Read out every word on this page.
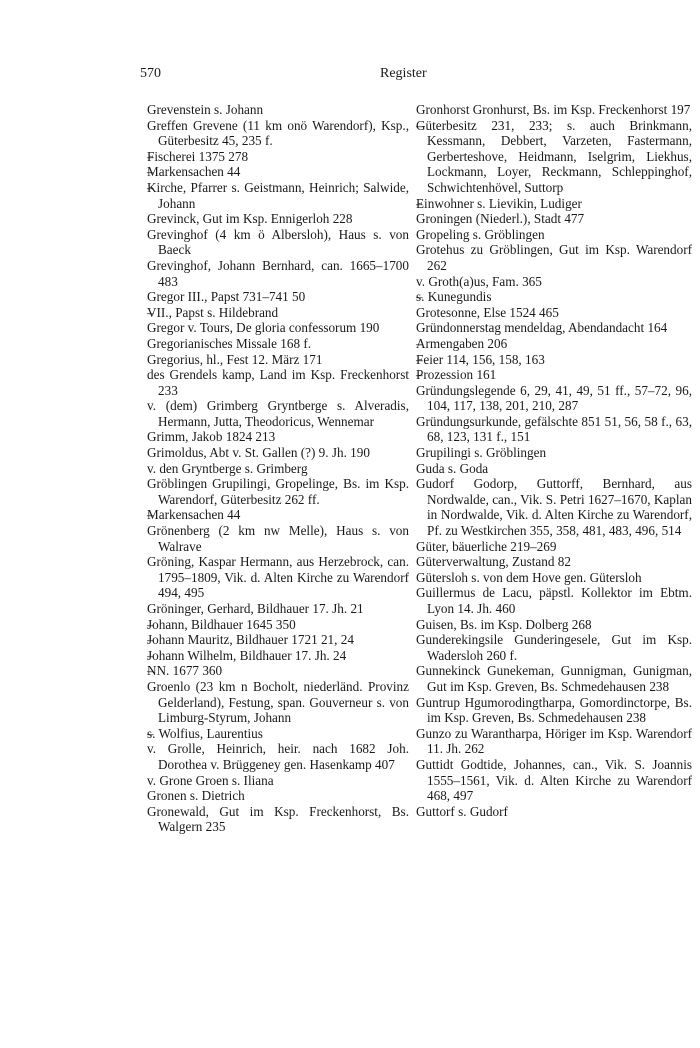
570	Register
Grevenstein s. Johann
Greffen Grevene (11 km onö Warendorf), Ksp., Güterbesitz 45, 235 f.
– Fischerei 1375 278
– Markensachen 44
– Kirche, Pfarrer s. Geistmann, Heinrich; Salwide, Johann
Grevinck, Gut im Ksp. Ennigerloh 228
Grevinghof (4 km ö Albersloh), Haus s. von Baeck
Grevinghof, Johann Bernhard, can. 1665–1700 483
Gregor III., Papst 731–741 50
– VII., Papst s. Hildebrand
Gregor v. Tours, De gloria confessorum 190
Gregorianisches Missale 168 f.
Gregorius, hl., Fest 12. März 171
des Grendels kamp, Land im Ksp. Freckenhorst 233
v. (dem) Grimberg Gryntberge s. Alveradis, Hermann, Jutta, Theodoricus, Wennemar
Grimm, Jakob 1824 213
Grimoldus, Abt v. St. Gallen (?) 9. Jh. 190
v. den Gryntberge s. Grimberg
Gröblingen Grupilingi, Gropelinge, Bs. im Ksp. Warendorf, Güterbesitz 262 ff.
– Markensachen 44
Grönenberg (2 km nw Melle), Haus s. von Walrave
Gröning, Kaspar Hermann, aus Herzebrock, can. 1795–1809, Vik. d. Alten Kirche zu Warendorf 494, 495
Gröninger, Gerhard, Bildhauer 17. Jh. 21
– Johann, Bildhauer 1645 350
– Johann Mauritz, Bildhauer 1721 21, 24
– Johann Wilhelm, Bildhauer 17. Jh. 24
– NN. 1677 360
Groenlo (23 km n Bocholt, niederländ. Provinz Gelderland), Festung, span. Gouverneur s. von Limburg-Styrum, Johann
– s. Wolfius, Laurentius
v. Grolle, Heinrich, heir. nach 1682 Joh. Dorothea v. Brüggeney gen. Hasenkamp 407
v. Grone Groen s. Iliana
Gronen s. Dietrich
Gronewald, Gut im Ksp. Freckenhorst, Bs. Walgern 235
Gronhorst Gronhurst, Bs. im Ksp. Freckenhorst 197
– Güterbesitz 231, 233; s. auch Brinkmann, Kessmann, Debbert, Varzeten, Fastermann, Gerberteshove, Heidmann, Iselgrim, Liekhus, Lockmann, Loyer, Reckmann, Schleppinghof, Schwichtenhövel, Suttorp
– Einwohner s. Lievikin, Ludiger
Groningen (Niederl.), Stadt 477
Gropeling s. Gröblingen
Grotehus zu Gröblingen, Gut im Ksp. Warendorf 262
v. Groth(a)us, Fam. 365
– s. Kunegundis
Grotesonne, Else 1524 465
Gründonnerstag mendeldag, Abendandacht 164
– Armengaben 206
– Feier 114, 156, 158, 163
– Prozession 161
Gründungslegende 6, 29, 41, 49, 51 ff., 57–72, 96, 104, 117, 138, 201, 210, 287
Gründungsurkunde, gefälschte 851 51, 56, 58 f., 63, 68, 123, 131 f., 151
Grupilingi s. Gröblingen
Guda s. Goda
Gudorf Godorp, Guttorff, Bernhard, aus Nordwalde, can., Vik. S. Petri 1627–1670, Kaplan in Nordwalde, Vik. d. Alten Kirche zu Warendorf, Pf. zu Westkirchen 355, 358, 481, 483, 496, 514
Güter, bäuerliche 219–269
Güterverwaltung, Zustand 82
Gütersloh s. von dem Hove gen. Gütersloh
Guillermus de Lacu, päpstl. Kollektor im Ebtm. Lyon 14. Jh. 460
Guisen, Bs. im Ksp. Dolberg 268
Gunderekingsile Gunderingesele, Gut im Ksp. Wadersloh 260 f.
Gunnekinck Gunekeman, Gunnigman, Gunigman, Gut im Ksp. Greven, Bs. Schmedehausen 238
Guntrup Hgumorodingtharpa, Gomordinctorpe, Bs. im Ksp. Greven, Bs. Schmedehausen 238
Gunzo zu Warantharpa, Höriger im Ksp. Warendorf 11. Jh. 262
Guttidt Godtide, Johannes, can., Vik. S. Joannis 1555–1561, Vik. d. Alten Kirche zu Warendorf 468, 497
Guttorf s. Gudorf
